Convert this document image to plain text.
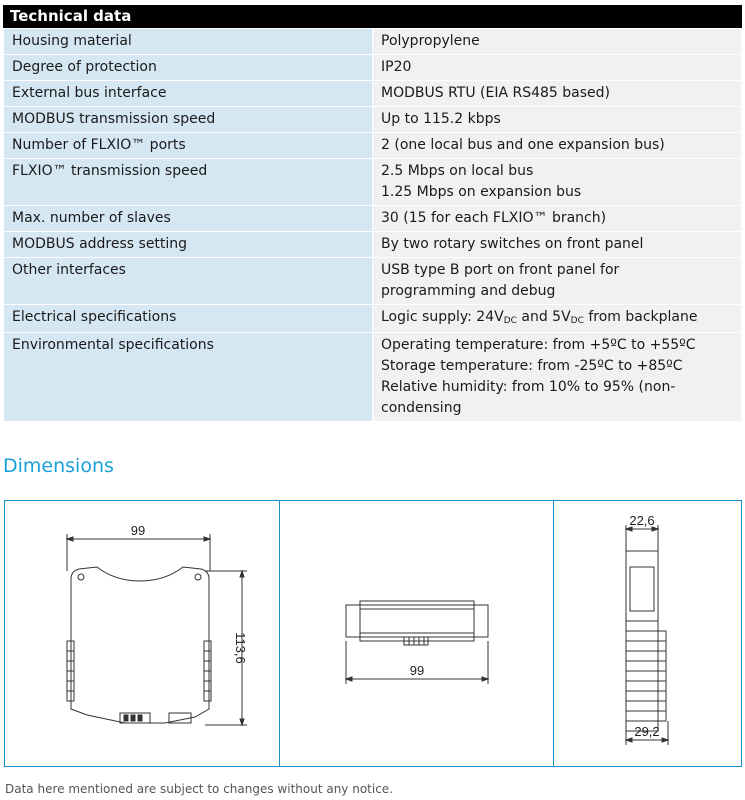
Technical data
Housing material	Polypropylene
Degree of protection	IP20
External bus interface	MODBUS RTU (EIA RS485 based)
MODBUS transmission speed	Up to 115.2 kbps
Number of FLXIO™ ports	2 (one local bus and one expansion bus)
FLXIO™ transmission speed	2.5 Mbps on local bus
1.25 Mbps on expansion bus

Max. number of slaves	30 (15 for each FLXIO™ branch)
MODBUS address setting	By two rotary switches on front panel
Other interfaces	USB type B port on front panel for
programming and debug

Electrical specifications	Logic supply: $24V_{DC}$ and $5V_{DC}$ from backplane
Environmental specifications	Operating temperature: from +5ºC to +55ºC
Storage temperature: from -25ºC to +85ºC
Relative humidity: from 10% to 95% (non-
condensing
Dimensions
99
113,6
99
22,6
29,2
Data here mentioned are subject to changes without any notice.
